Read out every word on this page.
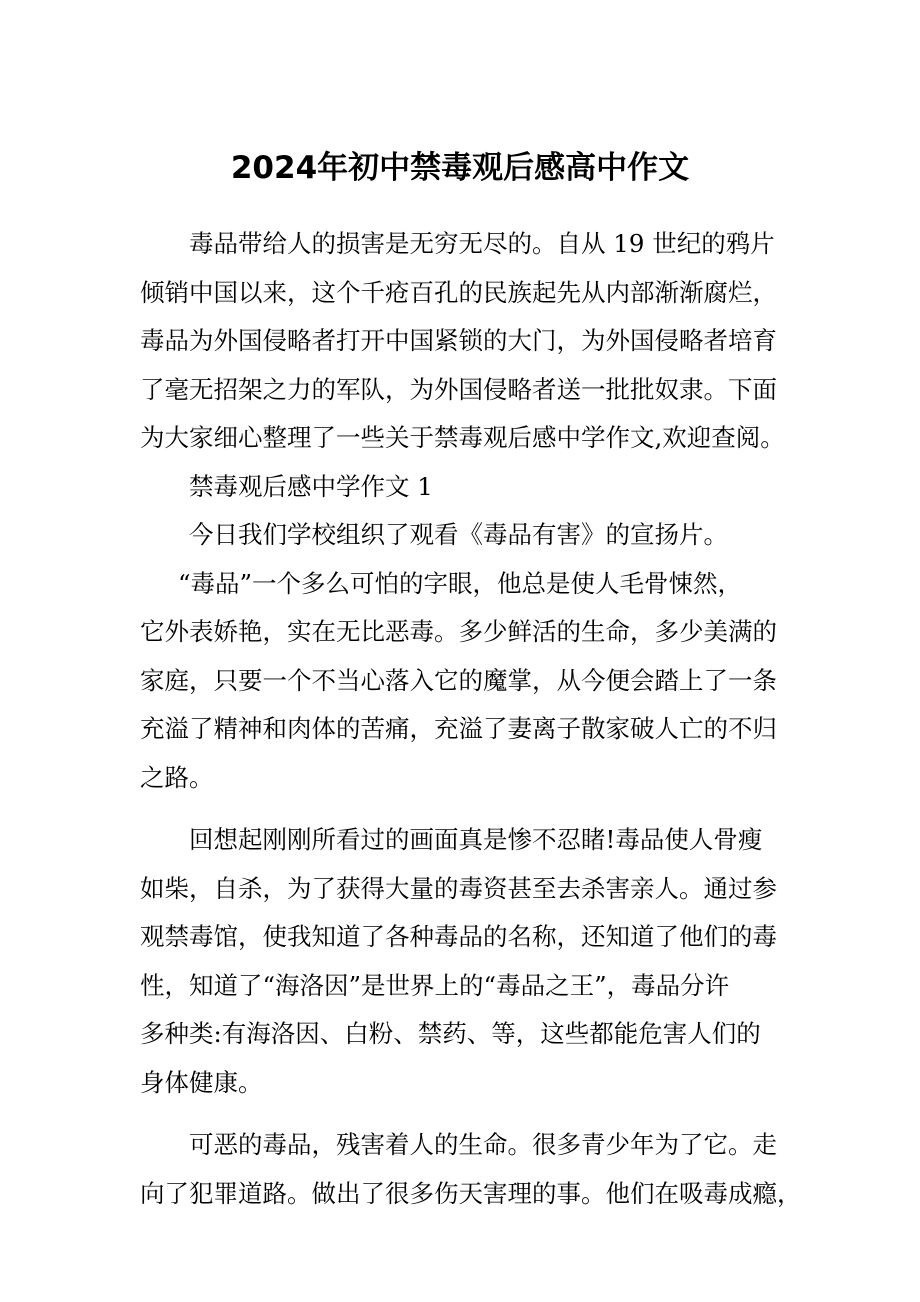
2024年初中禁毒观后感高中作文
毒品带给人的损害是无穷无尽的。自从 19 世纪的鸦片
倾销中国以来，这个千疮百孔的民族起先从内部渐渐腐烂，
毒品为外国侵略者打开中国紧锁的大门，为外国侵略者培育
了毫无招架之力的军队，为外国侵略者送一批批奴隶。下面
为大家细心整理了一些关于禁毒观后感中学作文,欢迎查阅。
禁毒观后感中学作文 1
今日我们学校组织了观看《毒品有害》的宣扬片。
“毒品”一个多么可怕的字眼，他总是使人毛骨悚然，
它外表娇艳，实在无比恶毒。多少鲜活的生命，多少美满的
家庭，只要一个不当心落入它的魔掌，从今便会踏上了一条
充溢了精神和肉体的苦痛，充溢了妻离子散家破人亡的不归
之路。
回想起刚刚所看过的画面真是惨不忍睹!毒品使人骨瘦
如柴，自杀，为了获得大量的毒资甚至去杀害亲人。通过参
观禁毒馆，使我知道了各种毒品的名称，还知道了他们的毒
性，知道了“海洛因”是世界上的“毒品之王”，毒品分许
多种类:有海洛因、白粉、禁药、等，这些都能危害人们的
身体健康。
可恶的毒品，残害着人的生命。很多青少年为了它。走
向了犯罪道路。做出了很多伤天害理的事。他们在吸毒成瘾，
